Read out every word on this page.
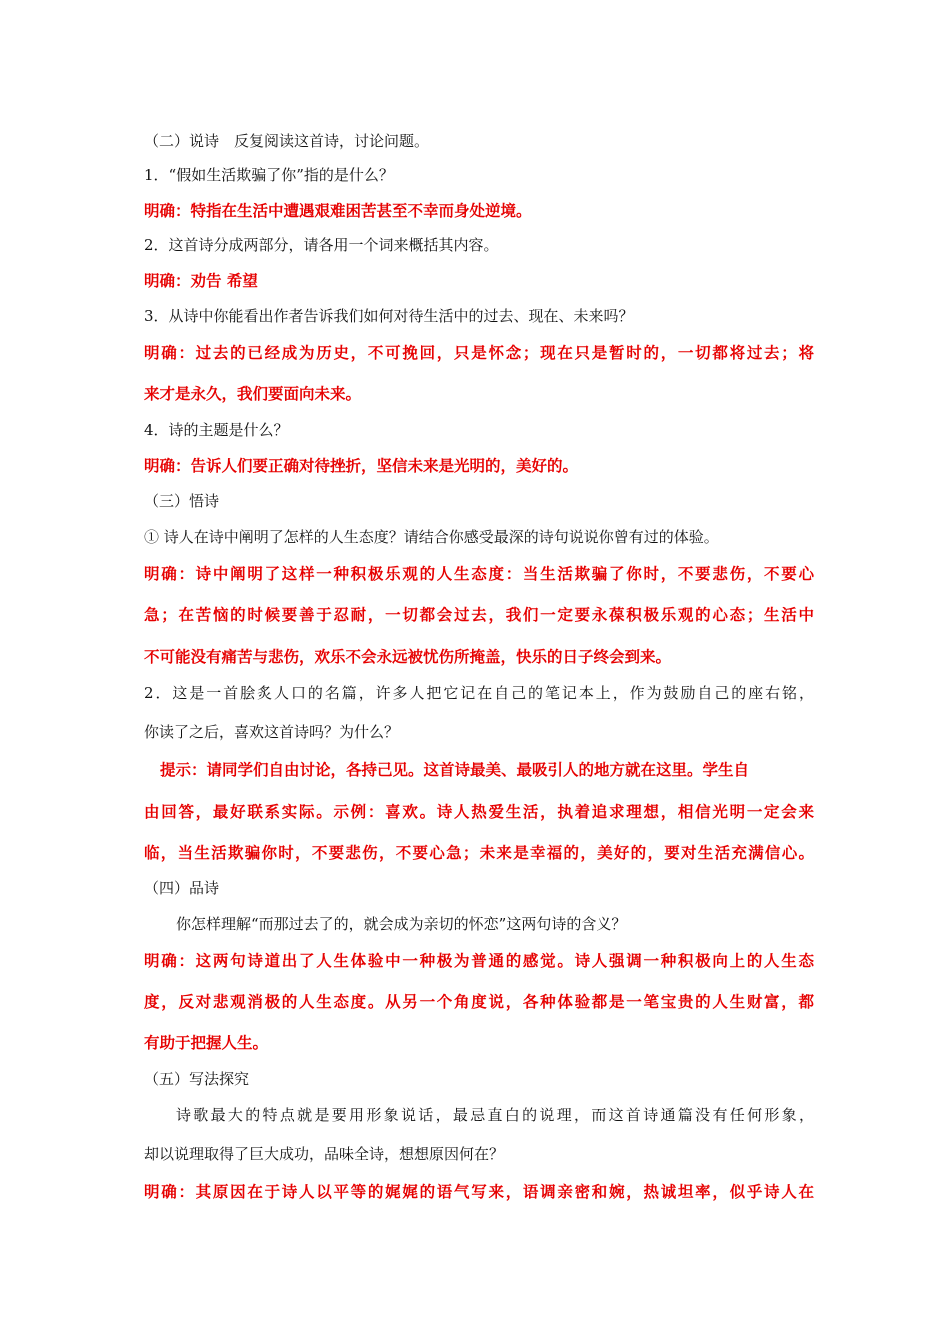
（二）说诗　反复阅读这首诗，讨论问题。
1．“假如生活欺骗了你”指的是什么？
明确：特指在生活中遭遇艰难困苦甚至不幸而身处逆境。
2．这首诗分成两部分，请各用一个词来概括其内容。
明确：劝告 希望
3．从诗中你能看出作者告诉我们如何对待生活中的过去、现在、未来吗？
明确：过去的已经成为历史，不可挽回，只是怀念；现在只是暂时的，一切都将过去；将
来才是永久，我们要面向未来。
4．诗的主题是什么？
明确：告诉人们要正确对待挫折，坚信未来是光明的，美好的。
（三）悟诗
① 诗人在诗中阐明了怎样的人生态度？请结合你感受最深的诗句说说你曾有过的体验。
明确：诗中阐明了这样一种积极乐观的人生态度：当生活欺骗了你时，不要悲伤，不要心
急；在苦恼的时候要善于忍耐，一切都会过去，我们一定要永葆积极乐观的心态；生活中
不可能没有痛苦与悲伤，欢乐不会永远被忧伤所掩盖，快乐的日子终会到来。
2．这是一首脍炙人口的名篇，许多人把它记在自己的笔记本上，作为鼓励自己的座右铭，
你读了之后，喜欢这首诗吗？为什么？
提示：请同学们自由讨论，各持己见。这首诗最美、最吸引人的地方就在这里。学生自
由回答，最好联系实际。示例：喜欢。诗人热爱生活，执着追求理想，相信光明一定会来
临，当生活欺骗你时，不要悲伤，不要心急；未来是幸福的，美好的，要对生活充满信心。
（四）品诗
你怎样理解“而那过去了的，就会成为亲切的怀恋”这两句诗的含义？
明确：这两句诗道出了人生体验中一种极为普通的感觉。诗人强调一种积极向上的人生态
度，反对悲观消极的人生态度。从另一个角度说，各种体验都是一笔宝贵的人生财富，都
有助于把握人生。
（五）写法探究
诗歌最大的特点就是要用形象说话，最忌直白的说理，而这首诗通篇没有任何形象，
却以说理取得了巨大成功，品味全诗，想想原因何在？
明确：其原因在于诗人以平等的娓娓的语气写来，语调亲密和婉，热诚坦率，似乎诗人在
